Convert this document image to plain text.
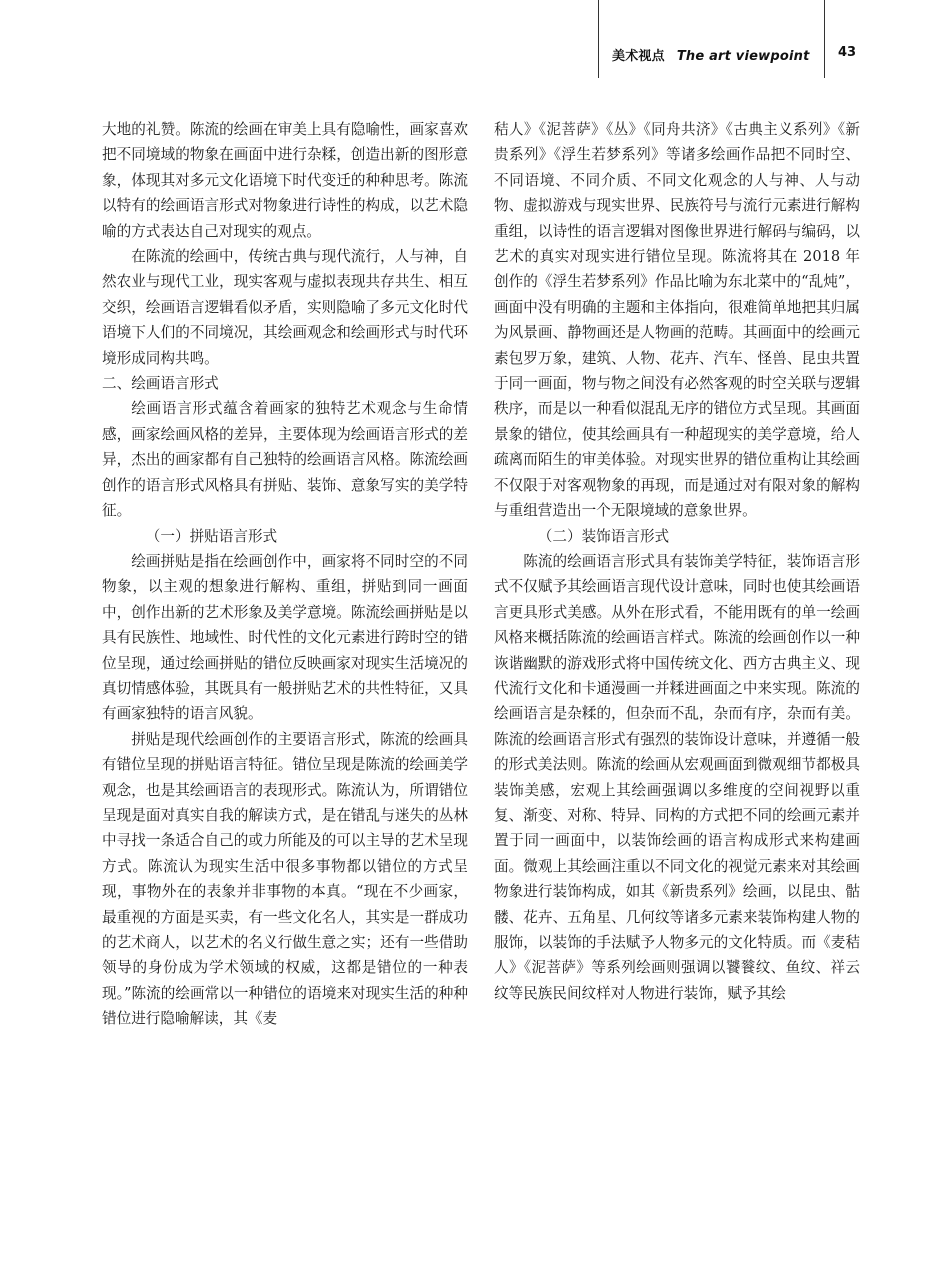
美术视点 The art viewpoint 43

大地的礼赞。陈流的绘画在审美上具有隐喻性，画家喜欢把不同境域的物象在画面中进行杂糅，创造出新的图形意象，体现其对多元文化语境下时代变迁的种种思考。陈流以特有的绘画语言形式对物象进行诗性的构成，以艺术隐喻的方式表达自己对现实的观点。

在陈流的绘画中，传统古典与现代流行，人与神，自然农业与现代工业，现实客观与虚拟表现共存共生、相互交织，绘画语言逻辑看似矛盾，实则隐喻了多元文化时代语境下人们的不同境况，其绘画观念和绘画形式与时代环境形成同构共鸣。

二、绘画语言形式

绘画语言形式蕴含着画家的独特艺术观念与生命情感，画家绘画风格的差异，主要体现为绘画语言形式的差异，杰出的画家都有自己独特的绘画语言风格。陈流绘画创作的语言形式风格具有拼贴、装饰、意象写实的美学特征。

（一）拼贴语言形式

绘画拼贴是指在绘画创作中，画家将不同时空的不同物象，以主观的想象进行解构、重组，拼贴到同一画面中，创作出新的艺术形象及美学意境。陈流绘画拼贴是以具有民族性、地域性、时代性的文化元素进行跨时空的错位呈现，通过绘画拼贴的错位反映画家对现实生活境况的真切情感体验，其既具有一般拼贴艺术的共性特征，又具有画家独特的语言风貌。

拼贴是现代绘画创作的主要语言形式，陈流的绘画具有错位呈现的拼贴语言特征。错位呈现是陈流的绘画美学观念，也是其绘画语言的表现形式。陈流认为，所谓错位呈现是面对真实自我的解读方式，是在错乱与迷失的丛林中寻找一条适合自己的或力所能及的可以主导的艺术呈现方式。陈流认为现实生活中很多事物都以错位的方式呈现，事物外在的表象并非事物的本真。“现在不少画家，最重视的方面是买卖，有一些文化名人，其实是一群成功的艺术商人，以艺术的名义行做生意之实；还有一些借助领导的身份成为学术领域的权威，这都是错位的一种表现。”陈流的绘画常以一种错位的语境来对现实生活的种种错位进行隐喻解读，其《麦

秸人》《泥菩萨》《丛》《同舟共济》《古典主义系列》《新贵系列》《浮生若梦系列》等诸多绘画作品把不同时空、不同语境、不同介质、不同文化观念的人与神、人与动物、虚拟游戏与现实世界、民族符号与流行元素进行解构重组，以诗性的语言逻辑对图像世界进行解码与编码，以艺术的真实对现实进行错位呈现。陈流将其在 2018 年创作的《浮生若梦系列》作品比喻为东北菜中的“乱炖”，画面中没有明确的主题和主体指向，很难简单地把其归属为风景画、静物画还是人物画的范畴。其画面中的绘画元素包罗万象，建筑、人物、花卉、汽车、怪兽、昆虫共置于同一画面，物与物之间没有必然客观的时空关联与逻辑秩序，而是以一种看似混乱无序的错位方式呈现。其画面景象的错位，使其绘画具有一种超现实的美学意境，给人疏离而陌生的审美体验。对现实世界的错位重构让其绘画不仅限于对客观物象的再现，而是通过对有限对象的解构与重组营造出一个无限境域的意象世界。

（二）装饰语言形式

陈流的绘画语言形式具有装饰美学特征，装饰语言形式不仅赋予其绘画语言现代设计意味，同时也使其绘画语言更具形式美感。从外在形式看，不能用既有的单一绘画风格来概括陈流的绘画语言样式。陈流的绘画创作以一种诙谐幽默的游戏形式将中国传统文化、西方古典主义、现代流行文化和卡通漫画一并糅进画面之中来实现。陈流的绘画语言是杂糅的，但杂而不乱，杂而有序，杂而有美。陈流的绘画语言形式有强烈的装饰设计意味，并遵循一般的形式美法则。陈流的绘画从宏观画面到微观细节都极具装饰美感，宏观上其绘画强调以多维度的空间视野以重复、渐变、对称、特异、同构的方式把不同的绘画元素并置于同一画面中，以装饰绘画的语言构成形式来构建画面。微观上其绘画注重以不同文化的视觉元素来对其绘画物象进行装饰构成，如其《新贵系列》绘画，以昆虫、骷髅、花卉、五角星、几何纹等诸多元素来装饰构建人物的服饰，以装饰的手法赋予人物多元的文化特质。而《麦秸人》《泥菩萨》等系列绘画则强调以饕餮纹、鱼纹、祥云纹等民族民间纹样对人物进行装饰，赋予其绘
